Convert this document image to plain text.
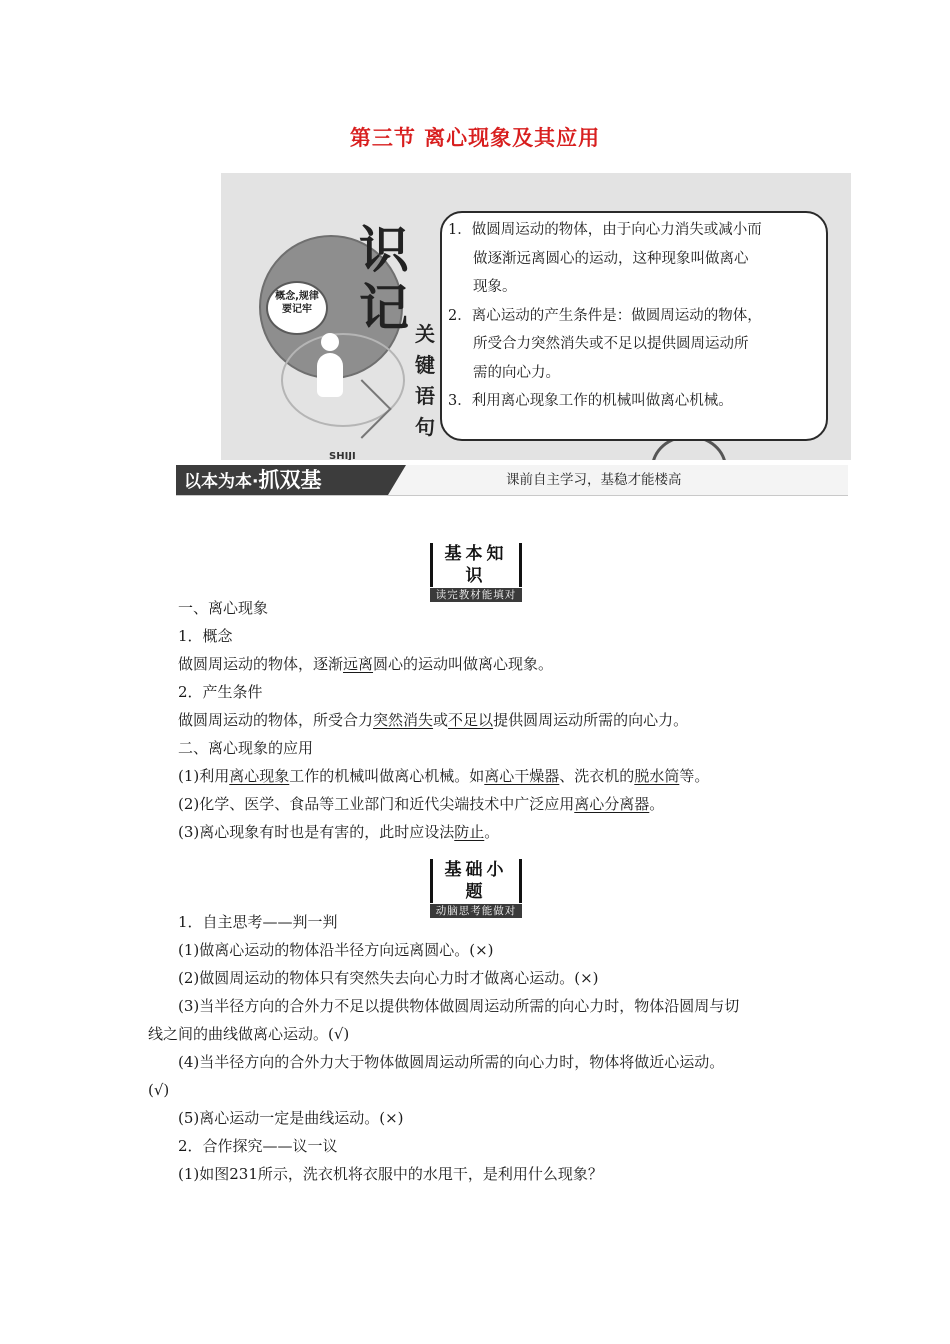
第三节 离心现象及其应用
概念,规律
要记牢
识
记 关
键
语
句
SHIJI
1．做圆周运动的物体，由于向心力消失或减小而
做逐渐远离圆心的运动，这种现象叫做离心
现象。
2．离心运动的产生条件是：做圆周运动的物体，
所受合力突然消失或不足以提供圆周运动所
需的向心力。
3．利用离心现象工作的机械叫做离心机械。
以本为本·抓双基	课前自主学习，基稳才能楼高
基本知识
读完教材能填对
一、离心现象
1．概念
做圆周运动的物体，逐渐远离圆心的运动叫做离心现象。
2．产生条件
做圆周运动的物体，所受合力突然消失或不足以提供圆周运动所需的向心力。
二、离心现象的应用
(1)利用离心现象工作的机械叫做离心机械。如离心干燥器、洗衣机的脱水筒等。
(2)化学、医学、食品等工业部门和近代尖端技术中广泛应用离心分离器。
(3)离心现象有时也是有害的，此时应设法防止。
基础小题
动脑思考能做对
1．自主思考——判一判
(1)做离心运动的物体沿半径方向远离圆心。(×)
(2)做圆周运动的物体只有突然失去向心力时才做离心运动。(×)
(3)当半径方向的合外力不足以提供物体做圆周运动所需的向心力时，物体沿圆周与切
线之间的曲线做离心运动。(√)
(4)当半径方向的合外力大于物体做圆周运动所需的向心力时，物体将做近心运动。
(√)
(5)离心运动一定是曲线运动。(×)
2．合作探究——议一议
(1)如图231所示，洗衣机将衣服中的水甩干，是利用什么现象？
